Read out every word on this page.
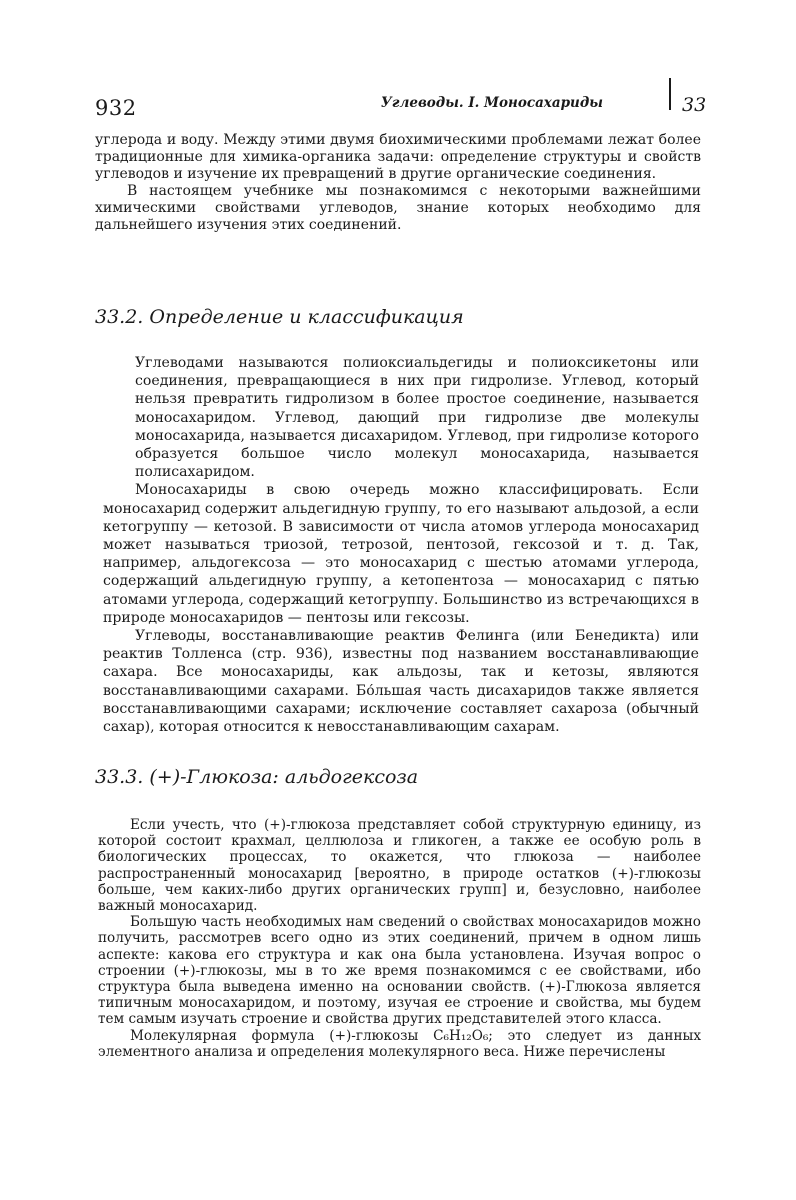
932	Углеводы. I. Моносахариды	33

углерода и воду. Между этими двумя биохимическими проблемами лежат более традиционные для химика-органика задачи: определение структуры и свойств углеводов и изучение их превращений в другие органические соединения.

В настоящем учебнике мы познакомимся с некоторыми важнейшими химическими свойствами углеводов, знание которых необходимо для дальнейшего изучения этих соединений.

33.2. Определение и классификация

Углеводами называются полиоксиальдегиды и полиоксикетоны или соединения, превращающиеся в них при гидролизе. Углевод, который нельзя превратить гидролизом в более простое соединение, называется моносахаридом. Углевод, дающий при гидролизе две молекулы моносахарида, называется дисахаридом. Углевод, при гидролизе которого образуется большое число молекул моносахарида, называется полисахаридом.

Моносахариды в свою очередь можно классифицировать. Если моносахарид содержит альдегидную группу, то его называют альдозой, а если кетогруппу — кетозой. В зависимости от числа атомов углерода моносахарид может называться триозой, тетрозой, пентозой, гексозой и т. д. Так, например, альдогексоза — это моносахарид с шестью атомами углерода, содержащий альдегидную группу, а кетопентоза — моносахарид с пятью атомами углерода, содержащий кетогруппу. Большинство из встречающихся в природе моносахаридов — пентозы или гексозы.

Углеводы, восстанавливающие реактив Фелинга (или Бенедикта) или реактив Толленса (стр. 936), известны под названием восстанавливающие сахара. Все моносахариды, как альдозы, так и кетозы, являются восстанавливающими сахарами. Бо́льшая часть дисахаридов также является восстанавливающими сахарами; исключение составляет сахароза (обычный сахар), которая относится к невосстанавливающим сахарам.

33.3. (+)-Глюкоза: альдогексоза

Если учесть, что (+)-глюкоза представляет собой структурную единицу, из которой состоит крахмал, целлюлоза и гликоген, а также ее особую роль в биологических процессах, то окажется, что глюкоза — наиболее распространенный моносахарид [вероятно, в природе остатков (+)-глюкозы больше, чем каких-либо других органических групп] и, безусловно, наиболее важный моносахарид.

Большую часть необходимых нам сведений о свойствах моносахаридов можно получить, рассмотрев всего одно из этих соединений, причем в одном лишь аспекте: какова его структура и как она была установлена. Изучая вопрос о строении (+)-глюкозы, мы в то же время познакомимся с ее свойствами, ибо структура была выведена именно на основании свойств. (+)-Глюкоза является типичным моносахаридом, и поэтому, изучая ее строение и свойства, мы будем тем самым изучать строение и свойства других представителей этого класса.

Молекулярная формула (+)-глюкозы C₆H₁₂O₆; это следует из данных элементного анализа и определения молекулярного веса. Ниже перечислены
